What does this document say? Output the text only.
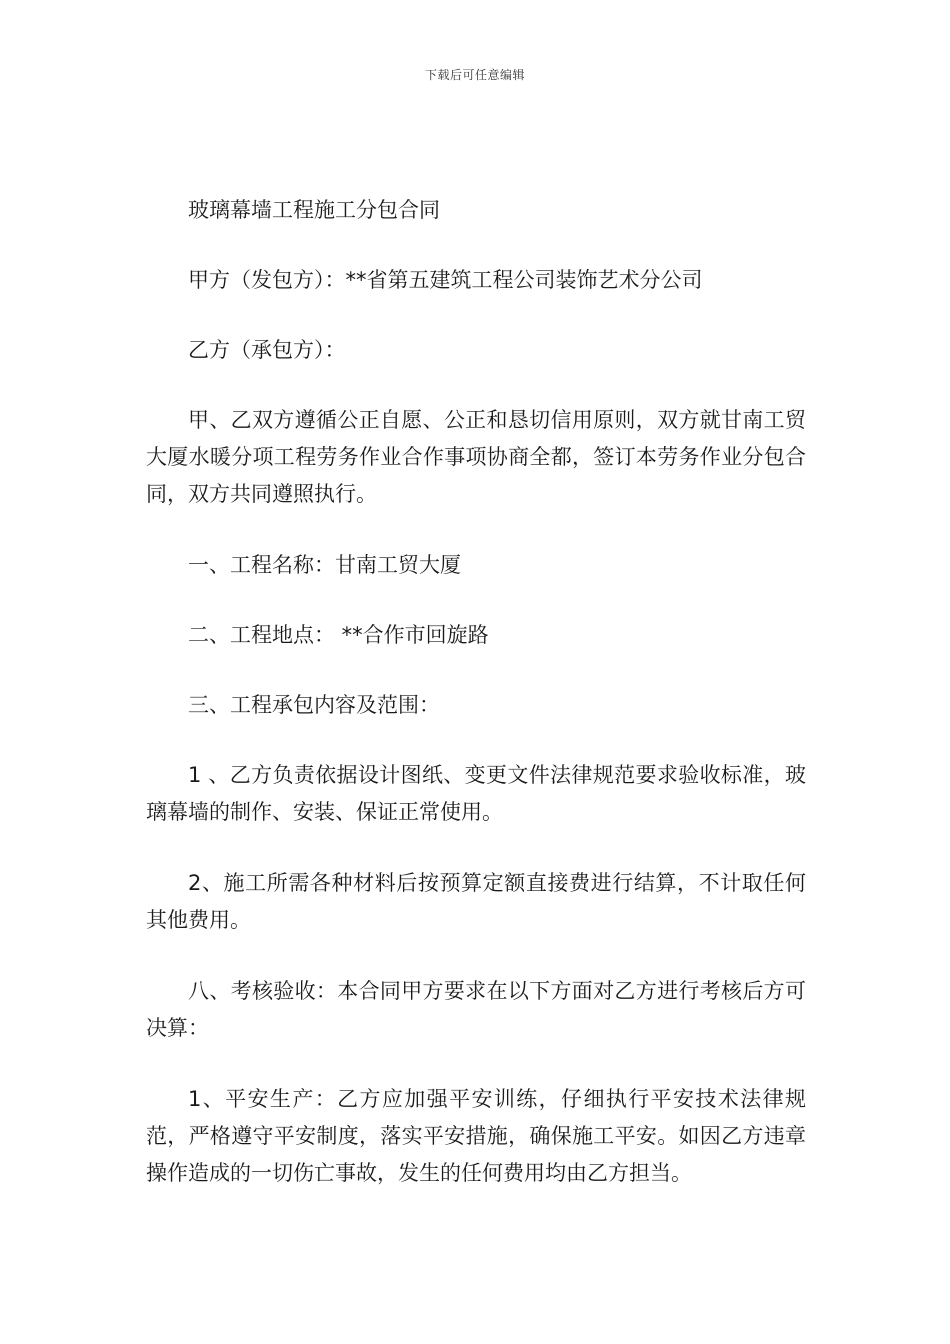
下载后可任意编辑

玻璃幕墙工程施工分包合同

甲方（发包方）：**省第五建筑工程公司装饰艺术分公司

乙方（承包方）：

甲、乙双方遵循公正自愿、公正和恳切信用原则，双方就甘南工贸大厦水暖分项工程劳务作业合作事项协商全都，签订本劳务作业分包合同，双方共同遵照执行。

一、工程名称：甘南工贸大厦

二、工程地点： **合作市回旋路

三、工程承包内容及范围：

1 、乙方负责依据设计图纸、变更文件法律规范要求验收标准，玻璃幕墙的制作、安装、保证正常使用。

2、施工所需各种材料后按预算定额直接费进行结算，不计取任何其他费用。

八、考核验收：本合同甲方要求在以下方面对乙方进行考核后方可决算：

1、平安生产：乙方应加强平安训练，仔细执行平安技术法律规范，严格遵守平安制度，落实平安措施，确保施工平安。如因乙方违章操作造成的一切伤亡事故，发生的任何费用均由乙方担当。
